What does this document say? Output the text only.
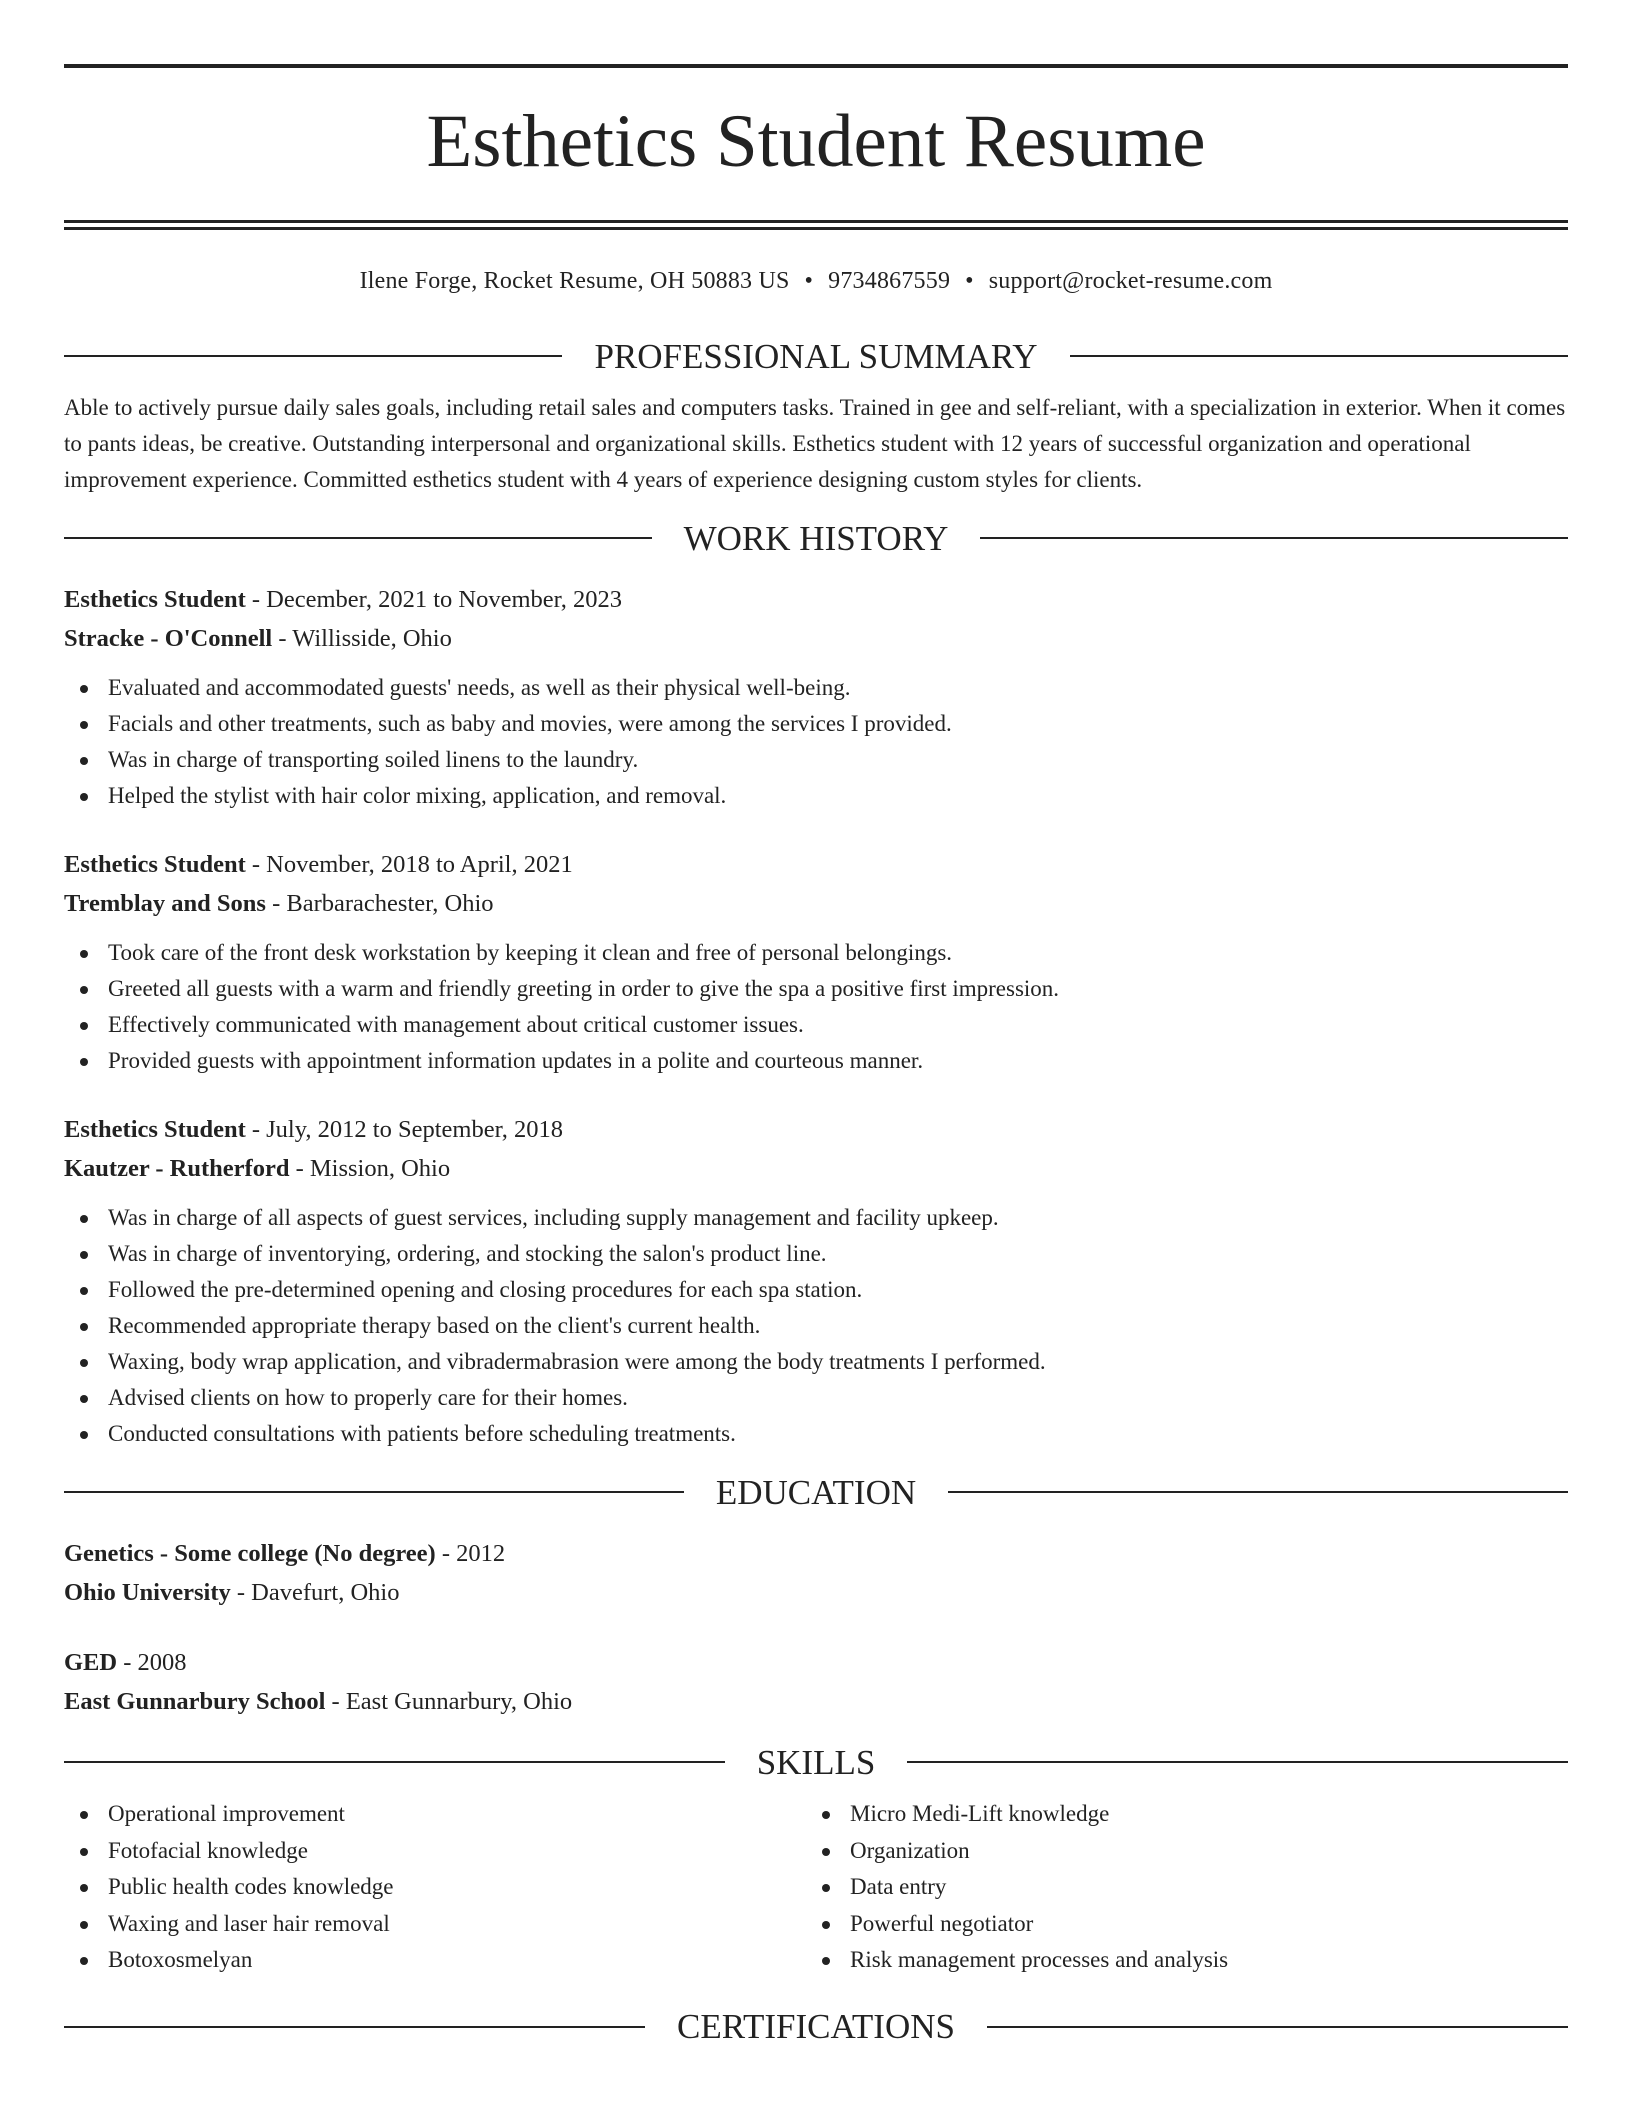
Esthetics Student Resume
Ilene Forge, Rocket Resume, OH 50883 US • 9734867559 • support@rocket-resume.com
PROFESSIONAL SUMMARY

Able to actively pursue daily sales goals, including retail sales and computers tasks. Trained in gee and self-reliant, with a specialization in exterior. When it comes to pants ideas, be creative. Outstanding interpersonal and organizational skills. Esthetics student with 12 years of successful organization and operational improvement experience. Committed esthetics student with 4 years of experience designing custom styles for clients.

WORK HISTORY
Esthetics Student - December, 2021 to November, 2023
Stracke - O'Connell - Willisside, Ohio
Evaluated and accommodated guests' needs, as well as their physical well-being.
Facials and other treatments, such as baby and movies, were among the services I provided.
Was in charge of transporting soiled linens to the laundry.
Helped the stylist with hair color mixing, application, and removal.
Esthetics Student - November, 2018 to April, 2021
Tremblay and Sons - Barbarachester, Ohio
Took care of the front desk workstation by keeping it clean and free of personal belongings.
Greeted all guests with a warm and friendly greeting in order to give the spa a positive first impression.
Effectively communicated with management about critical customer issues.
Provided guests with appointment information updates in a polite and courteous manner.
Esthetics Student - July, 2012 to September, 2018
Kautzer - Rutherford - Mission, Ohio
Was in charge of all aspects of guest services, including supply management and facility upkeep.
Was in charge of inventorying, ordering, and stocking the salon's product line.
Followed the pre-determined opening and closing procedures for each spa station.
Recommended appropriate therapy based on the client's current health.
Waxing, body wrap application, and vibradermabrasion were among the body treatments I performed.
Advised clients on how to properly care for their homes.
Conducted consultations with patients before scheduling treatments.
EDUCATION
Genetics - Some college (No degree) - 2012
Ohio University - Davefurt, Ohio
GED - 2008
East Gunnarbury School - East Gunnarbury, Ohio
SKILLS
Operational improvement
Fotofacial knowledge
Public health codes knowledge
Waxing and laser hair removal
Botoxosmelyan
Micro Medi-Lift knowledge
Organization
Data entry
Powerful negotiator
Risk management processes and analysis
CERTIFICATIONS
